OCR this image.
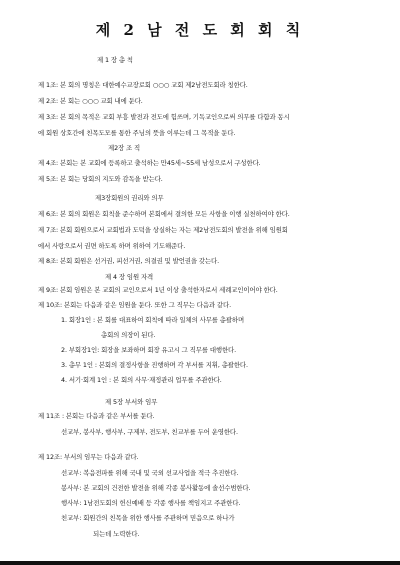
제 2 남 전 도 회 회 칙
제 1 장 총 칙
제 1조: 본 회의 명칭은 대한예수교장로회 ○○○ 교회 제2남전도회라 칭한다.
제 2조: 본 회는 ○○○ 교회 내에 둔다.
제 3조: 본 회의 목적은 교회 부흥 발전과 전도에 힘쓰며, 기독교인으로써 의무를 다함과 동시
에 회원 상호간에 친목도모를 통한 주님의 뜻을 이루는데 그 목적을 둔다.
제2장 조 직
제 4조: 본회는 본 교회에 등록하고 출석하는 만45세~55세 남성으로서 구성한다.
제 5조: 본 회는 당회의 지도와 감독을 받는다.
제3장회원의 권리와 의무
제 6조: 본 회의 회원은 회칙을 준수하며 본회에서 결의한 모든 사항을 이행 실천하여야 한다.
제 7조: 본회 회원으로서 교회법과 도덕을 상실하는 자는 제2남전도회의 발전을 위해 임원회
에서 사랑으로서 권면 하도록 하며 위하여 기도해준다.
제 8조: 본회 회원은 선거권, 피선거권, 의결권 및 발언권을 갖는다.
제 4 장 임원 자격
제 9조: 본회 임원은 본 교회의 교인으로서 1년 이상 출석한자로서 세례교인이어야 한다.
제 10조: 본회는 다음과 같은 임원을 둔다. 또한 그 직무는 다음과 같다.
1. 회장1인 : 본 회를 대표하여 회칙에 따라 일체의 사무를 총괄하며
총회의 의장이 된다.
2. 부회장1인: 회장을 보좌하며 회장 유고시 그 직무를 대행한다.
3. 총무 1인 : 본회의 결정사항을 진행하며 각 부서를 지휘, 총괄한다.
4. 서기·회계 1인 : 본 회의 사무·재정관리 업무를 주관한다.
제 5장 부서와 임무
제 11조 : 본회는 다음과 같은 부서를 둔다.
선교부, 봉사부, 행사부, 구제부, 전도부, 친교부를 두어 운영한다.
제 12조: 부서의 임무는 다음과 같다.
선교부: 복음전파를 위해 국내 및 국외 선교사업을 적극 추진한다.
봉사부: 본 교회의 건전한 발전을 위해 각종 봉사활동에 솔선수범한다.
행사부: 1남전도회의 헌신예배 등 각종 행사를 책임지고 주관한다.
친교부: 회원간의 친목을 위한 행사를 주관하며 믿음으로 하나가
되는데 노력한다.
